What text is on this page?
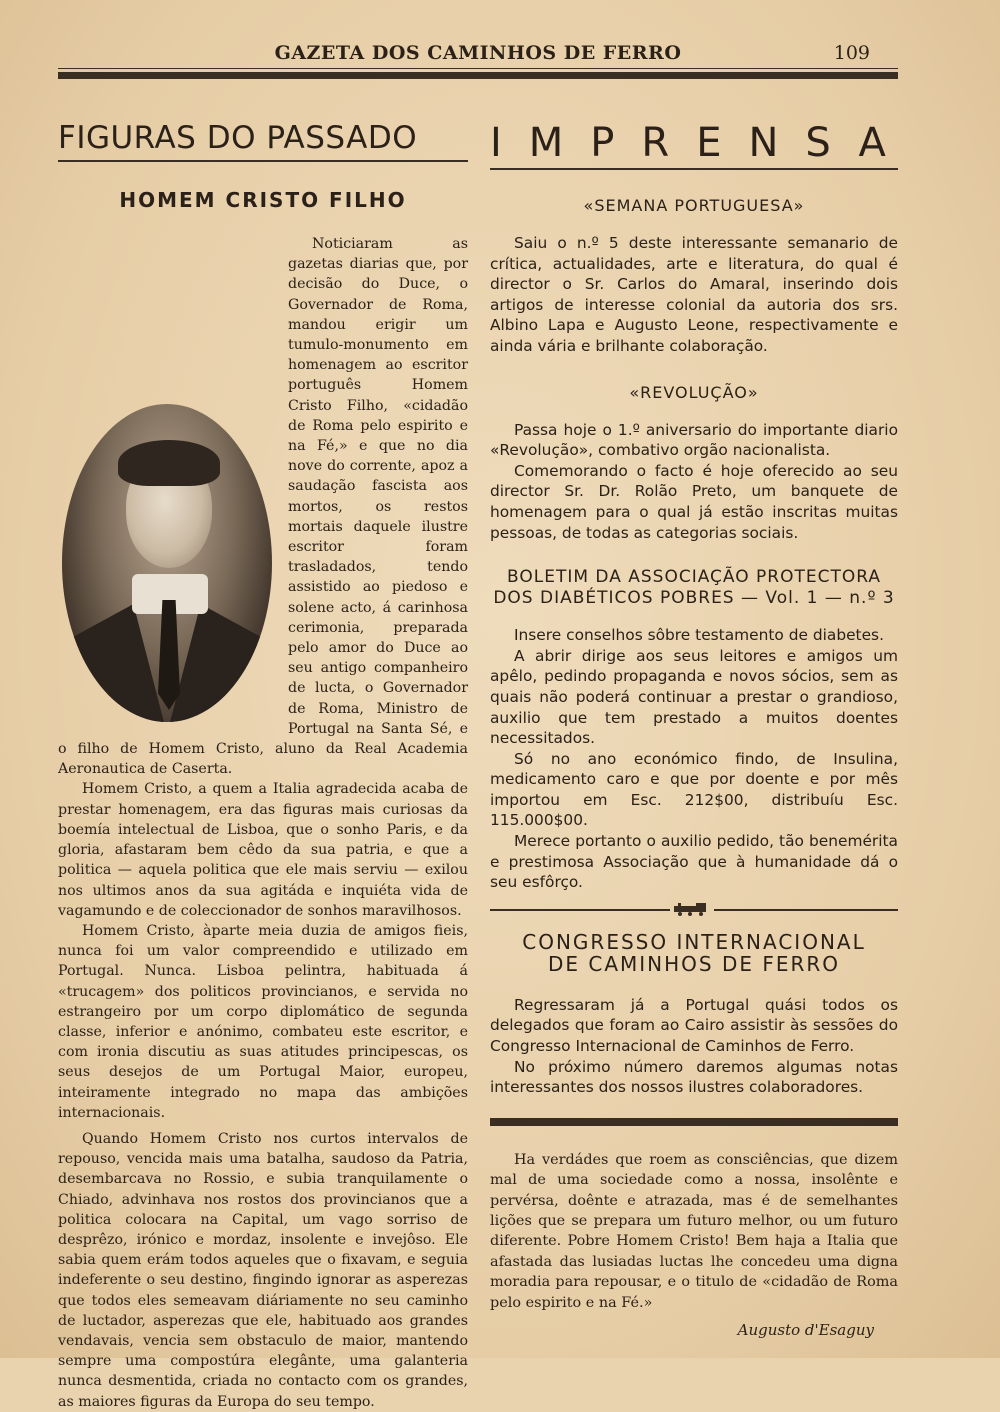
GAZETA DOS CAMINHOS DE FERRO	109
FIGURAS DO PASSADO
HOMEM CRISTO FILHO

Noticiaram as gazetas diarias que, por decisão do Duce, o Governador de Roma, mandou erigir um tumulo-monumento em homenagem ao escritor português Homem Cristo Filho, «cidadão de Roma pelo espirito e na Fé,» e que no dia nove do corrente, apoz a saudação fascista aos mortos, os restos mortais daquele ilustre escritor foram trasladados, tendo assistido ao piedoso e solene acto, á carinhosa cerimonia, preparada pelo amor do Duce ao seu antigo companheiro de lucta, o Governador de Roma, Ministro de Portugal na Santa Sé, e o filho de Homem Cristo, aluno da Real Academia Aeronautica de Caserta.

Homem Cristo, a quem a Italia agradecida acaba de prestar homenagem, era das figuras mais curiosas da boemía intelectual de Lisboa, que o sonho Paris, e da gloria, afastaram bem cêdo da sua patria, e que a politica — aquela politica que ele mais serviu — exilou nos ultimos anos da sua agitáda e inquiéta vida de vagamundo e de coleccionador de sonhos maravilhosos.

Homem Cristo, àparte meia duzia de amigos fieis, nunca foi um valor compreendido e utilizado em Portugal. Nunca. Lisboa pelintra, habituada á «trucagem» dos politicos provincianos, e servida no estrangeiro por um corpo diplomático de segunda classe, inferior e anónimo, combateu este escritor, e com ironia discutiu as suas atitudes principescas, os seus desejos de um Portugal Maior, europeu, inteiramente integrado no mapa das ambições internacionais.

Quando Homem Cristo nos curtos intervalos de repouso, vencida mais uma batalha, saudoso da Patria, desembarcava no Rossio, e subia tranquilamente o Chiado, advinhava nos rostos dos provincianos que a politica colocara na Capital, um vago sorriso de desprêzo, irónico e mordaz, insolente e invejôso. Ele sabia quem erám todos aqueles que o fixavam, e seguia indeferente o seu destino, fingindo ignorar as asperezas que todos eles semeavam diáriamente no seu caminho de luctador, asperezas que ele, habituado aos grandes vendavais, vencia sem obstaculo de maior, mantendo sempre uma compostúra elegânte, uma galanteria nunca desmentida, criada no contacto com os grandes, as maiores figuras da Europa do seu tempo.

IMPRENSA
«SEMANA PORTUGUESA»

Saiu o n.º 5 deste interessante semanario de crítica, actualidades, arte e literatura, do qual é director o Sr. Carlos do Amaral, inserindo dois artigos de interesse colonial da autoria dos srs. Albino Lapa e Augusto Leone, respectivamente e ainda vária e brilhante colaboração.

«REVOLUÇÃO»

Passa hoje o 1.º aniversario do importante diario «Revolução», combativo orgão nacionalista.

Comemorando o facto é hoje oferecido ao seu director Sr. Dr. Rolão Preto, um banquete de homenagem para o qual já estão inscritas muitas pessoas, de todas as categorias sociais.

BOLETIM DA ASSOCIAÇÃO PROTECTORA
DOS DIABÉTICOS POBRES — Vol. 1 — n.º 3

Insere conselhos sôbre testamento de diabetes.

A abrir dirige aos seus leitores e amigos um apêlo, pedindo propaganda e novos sócios, sem as quais não poderá continuar a prestar o grandioso, auxilio que tem prestado a muitos doentes necessitados.

Só no ano económico findo, de Insulina, medicamento caro e que por doente e por mês importou em Esc. 212$00, distribuíu Esc. 115.000$00.

Merece portanto o auxilio pedido, tão benemérita e prestimosa Associação que à humanidade dá o seu esfôrço.

CONGRESSO INTERNACIONAL
DE CAMINHOS DE FERRO

Regressaram já a Portugal quási todos os delegados que foram ao Cairo assistir às sessões do Congresso Internacional de Caminhos de Ferro.

No próximo número daremos algumas notas interessantes dos nossos ilustres colaboradores.

Ha verdádes que roem as consciências, que dizem mal de uma sociedade como a nossa, insolênte e pervérsa, doênte e atrazada, mas é de semelhantes lições que se prepara um futuro melhor, ou um futuro diferente. Pobre Homem Cristo! Bem haja a Italia que afastada das lusiadas luctas lhe concedeu uma digna moradia para repousar, e o titulo de «cidadão de Roma pelo espirito e na Fé.»

Augusto d'Esaguy
